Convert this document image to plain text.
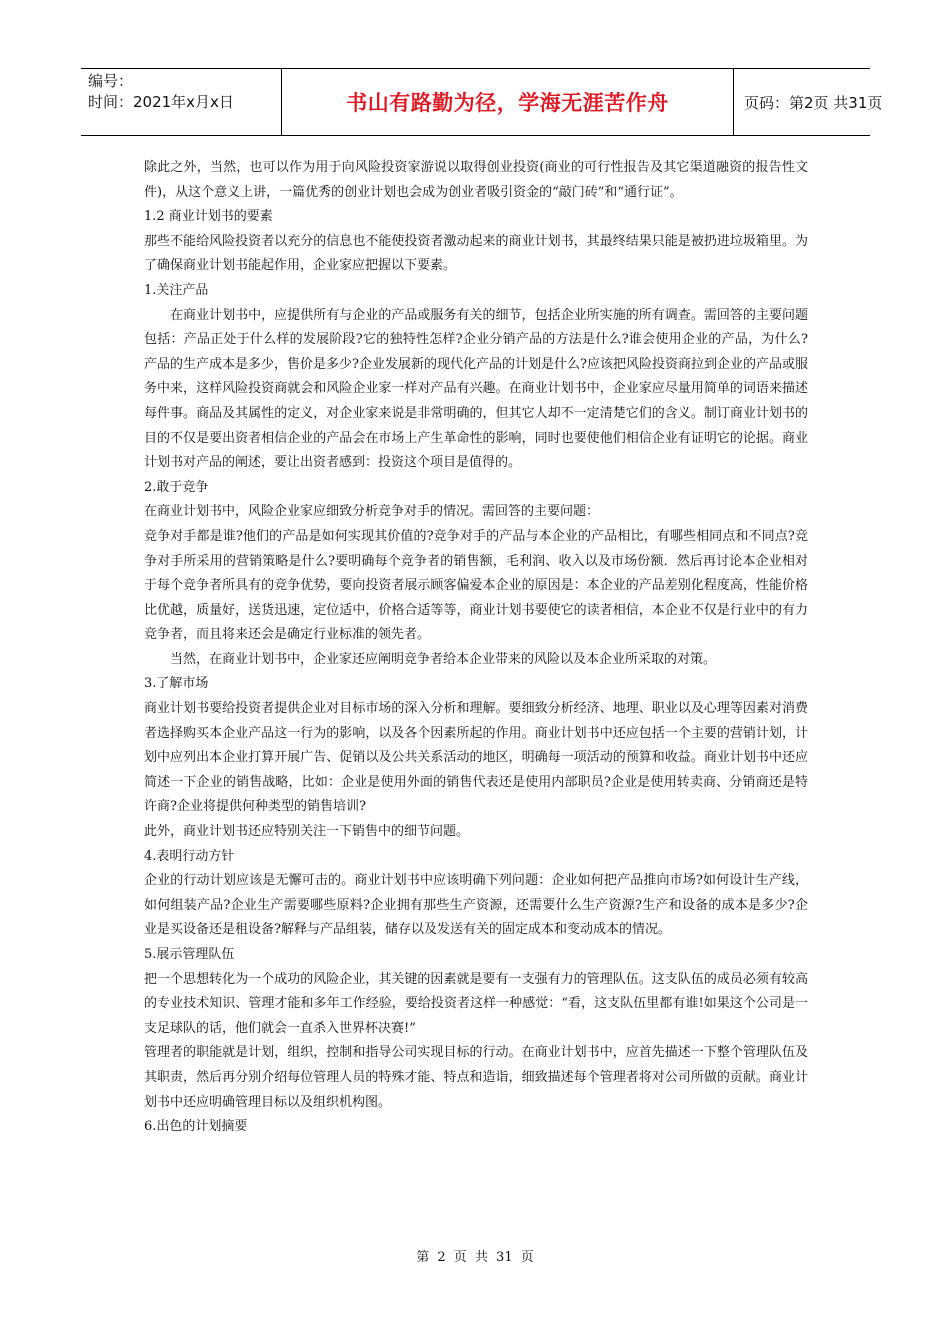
编号：
时间：2021年x月x日	书山有路勤为径，学海无涯苦作舟	页码：第2页 共31页

除此之外，当然，也可以作为用于向风险投资家游说以取得创业投资(商业的可行性报告及其它渠道融资的报告性文件)，从这个意义上讲，一篇优秀的创业计划也会成为创业者吸引资金的“敲门砖”和“通行证”。

1.2 商业计划书的要素

那些不能给风险投资者以充分的信息也不能使投资者激动起来的商业计划书，其最终结果只能是被扔进垃圾箱里。为了确保商业计划书能起作用，企业家应把握以下要素。

1.关注产品

在商业计划书中，应提供所有与企业的产品或服务有关的细节，包括企业所实施的所有调查。需回答的主要问题包括：产品正处于什么样的发展阶段?它的独特性怎样?企业分销产品的方法是什么?谁会使用企业的产品，为什么?产品的生产成本是多少，售价是多少?企业发展新的现代化产品的计划是什么?应该把风险投资商拉到企业的产品或服务中来，这样风险投资商就会和风险企业家一样对产品有兴趣。在商业计划书中，企业家应尽量用简单的词语来描述每件事。商品及其属性的定义，对企业家来说是非常明确的，但其它人却不一定清楚它们的含义。制订商业计划书的目的不仅是要出资者相信企业的产品会在市场上产生革命性的影响，同时也要使他们相信企业有证明它的论据。商业计划书对产品的阐述，要让出资者感到：投资这个项目是值得的。

2.敢于竞争

在商业计划书中，风险企业家应细致分析竞争对手的情况。需回答的主要问题：

竞争对手都是谁?他们的产品是如何实现其价值的?竞争对手的产品与本企业的产品相比，有哪些相同点和不同点?竞争对手所采用的营销策略是什么?要明确每个竞争者的销售额，毛利润、收入以及市场份额．然后再讨论本企业相对于每个竞争者所具有的竞争优势，要向投资者展示顾客偏爱本企业的原因是：本企业的产品差别化程度高，性能价格比优越，质量好，送货迅速，定位适中，价格合适等等，商业计划书要使它的读者相信，本企业不仅是行业中的有力竞争者，而且将来还会是确定行业标准的领先者。

当然，在商业计划书中，企业家还应阐明竞争者给本企业带来的风险以及本企业所采取的对策。

3.了解市场

商业计划书要给投资者提供企业对目标市场的深入分析和理解。要细致分析经济、地理、职业以及心理等因素对消费者选择购买本企业产品这一行为的影响，以及各个因素所起的作用。商业计划书中还应包括一个主要的营销计划，计划中应列出本企业打算开展广告、促销以及公共关系活动的地区，明确每一项活动的预算和收益。商业计划书中还应简述一下企业的销售战略，比如：企业是使用外面的销售代表还是使用内部职员?企业是使用转卖商、分销商还是特许商?企业将提供何种类型的销售培训?

此外，商业计划书还应特别关注一下销售中的细节问题。

4.表明行动方针

企业的行动计划应该是无懈可击的。商业计划书中应该明确下列问题：企业如何把产品推向市场?如何设计生产线，如何组装产品?企业生产需要哪些原料?企业拥有那些生产资源，还需要什么生产资源?生产和设备的成本是多少?企业是买设备还是租设备?解释与产品组装，储存以及发送有关的固定成本和变动成本的情况。

5.展示管理队伍

把一个思想转化为一个成功的风险企业，其关键的因素就是要有一支强有力的管理队伍。这支队伍的成员必须有较高的专业技术知识、管理才能和多年工作经验，要给投资者这样一种感觉：“看，这支队伍里都有谁!如果这个公司是一支足球队的话，他们就会一直杀入世界杯决赛!”

管理者的职能就是计划，组织，控制和指导公司实现目标的行动。在商业计划书中，应首先描述一下整个管理队伍及其职责，然后再分别介绍每位管理人员的特殊才能、特点和造诣，细致描述每个管理者将对公司所做的贡献。商业计划书中还应明确管理目标以及组织机构图。

6.出色的计划摘要

第 2 页 共 31 页
